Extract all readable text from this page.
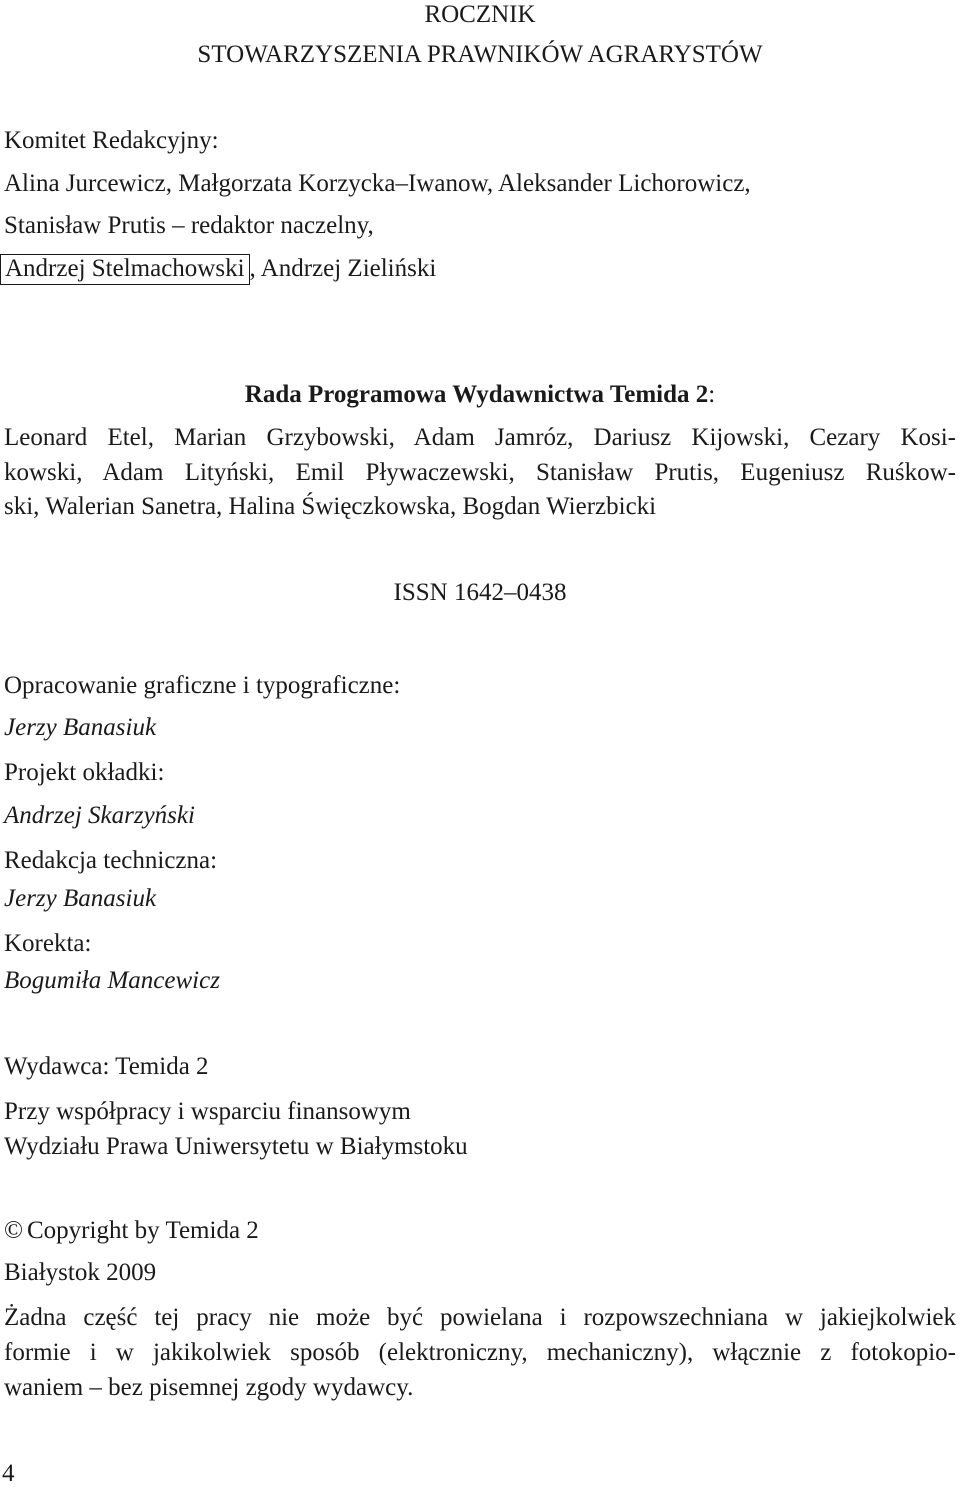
ROCZNIK
STOWARZYSZENIA PRAWNIKÓW AGRARYSTÓW
Komitet Redakcyjny:
Alina Jurcewicz, Małgorzata Korzycka–Iwanow, Aleksander Lichorowicz,
Stanisław Prutis – redaktor naczelny,
Andrzej Stelmachowski , Andrzej Zieliński
Rada Programowa Wydawnictwa Temida 2:
Leonard Etel, Marian Grzybowski, Adam Jamróz, Dariusz Kijowski, Cezary Kosi-
kowski, Adam Lityński, Emil Pływaczewski, Stanisław Prutis, Eugeniusz Ruśkow-
ski, Walerian Sanetra, Halina Święczkowska, Bogdan Wierzbicki
ISSN 1642–0438
Opracowanie graficzne i typograficzne:
Jerzy Banasiuk
Projekt okładki:
Andrzej Skarzyński
Redakcja techniczna:
Jerzy Banasiuk
Korekta:
Bogumiła Mancewicz
Wydawca: Temida 2
Przy współpracy i wsparciu finansowym
Wydziału Prawa Uniwersytetu w Białymstoku
© Copyright by Temida 2
Białystok 2009
Żadna część tej pracy nie może być powielana i rozpowszechniana w jakiejkolwiek
formie i w jakikolwiek sposób (elektroniczny, mechaniczny), włącznie z fotokopio-
waniem – bez pisemnej zgody wydawcy.
4
